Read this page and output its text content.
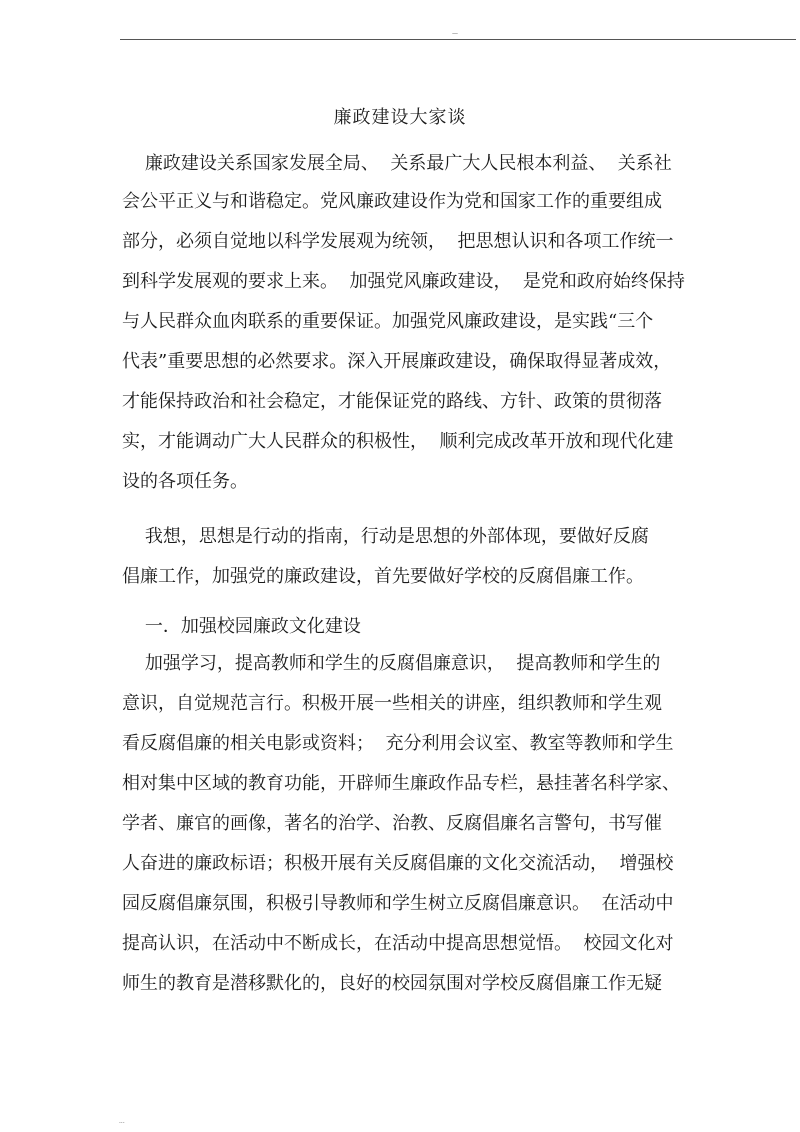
—
廉政建设大家谈
廉政建设关系国家发展全局、  关系最广大人民根本利益、  关系社
会公平正义与和谐稳定。党风廉政建设作为党和国家工作的重要组成
部分，必须自觉地以科学发展观为统领，  把思想认识和各项工作统一
到科学发展观的要求上来。  加强党风廉政建设，  是党和政府始终保持
与人民群众血肉联系的重要保证。加强党风廉政建设，是实践“三个
代表”重要思想的必然要求。深入开展廉政建设，确保取得显著成效，
才能保持政治和社会稳定，才能保证党的路线、方针、政策的贯彻落
实，才能调动广大人民群众的积极性，  顺利完成改革开放和现代化建
设的各项任务。
我想，思想是行动的指南，行动是思想的外部体现，要做好反腐
倡廉工作，加强党的廉政建设，首先要做好学校的反腐倡廉工作。
一．加强校园廉政文化建设
加强学习，提高教师和学生的反腐倡廉意识，  提高教师和学生的
意识，自觉规范言行。积极开展一些相关的讲座，组织教师和学生观
看反腐倡廉的相关电影或资料；  充分利用会议室、教室等教师和学生
相对集中区域的教育功能，开辟师生廉政作品专栏，悬挂著名科学家、
学者、廉官的画像，著名的治学、治教、反腐倡廉名言警句，书写催
人奋进的廉政标语；积极开展有关反腐倡廉的文化交流活动，  增强校
园反腐倡廉氛围，积极引导教师和学生树立反腐倡廉意识。  在活动中
提高认识，在活动中不断成长，在活动中提高思想觉悟。  校园文化对
师生的教育是潜移默化的，良好的校园氛围对学校反腐倡廉工作无疑
...
